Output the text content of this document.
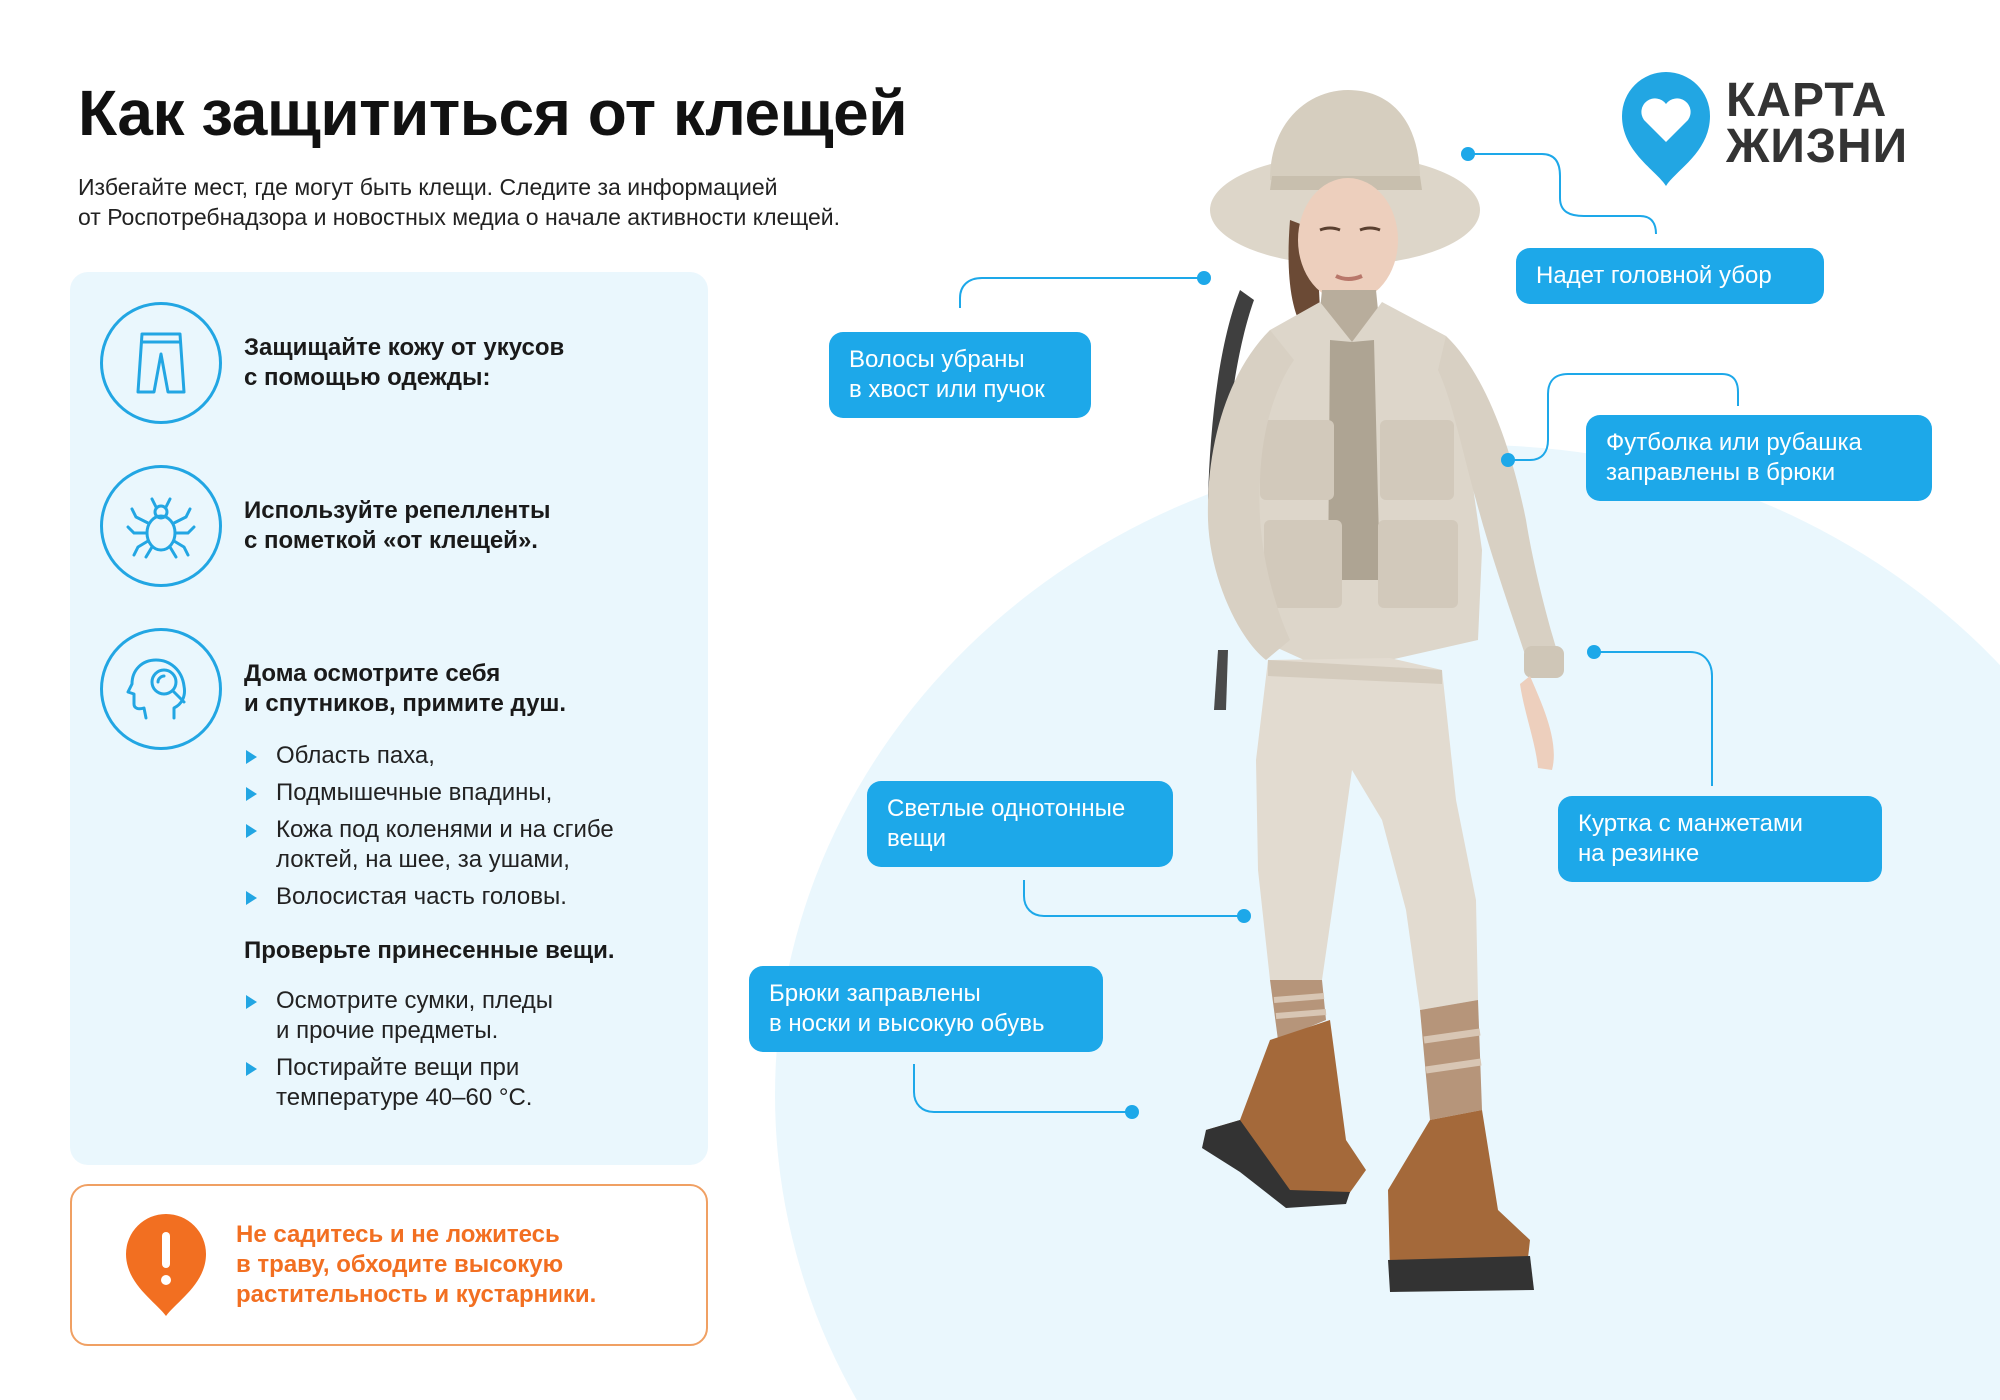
Как защититься от клещей

Избегайте мест, где могут быть клещи. Следите за информацией
от Роспотребнадзора и новостных медиа о начале активности клещей.

КАРТА
ЖИЗНИ
Защищайте кожу от укусов
с помощью одежды:
Используйте репелленты
с пометкой «от клещей».
Дома осмотрите себя
и спутников, примите душ.
Область паха,
Подмышечные впадины,
Кожа под коленями и на сгибе
локтей, на шее, за ушами,
Волосистая часть головы.
Проверьте принесенные вещи.
Осмотрите сумки, пледы
и прочие предметы.
Постирайте вещи при
температуре 40–60 °С.
Не садитесь и не ложитесь
в траву, обходите высокую
растительность и кустарники.
Надет головной убор
Волосы убраны
в хвост или пучок
Футболка или рубашка
заправлены в брюки
Куртка с манжетами
на резинке
Светлые однотонные
вещи
Брюки заправлены
в носки и высокую обувь
